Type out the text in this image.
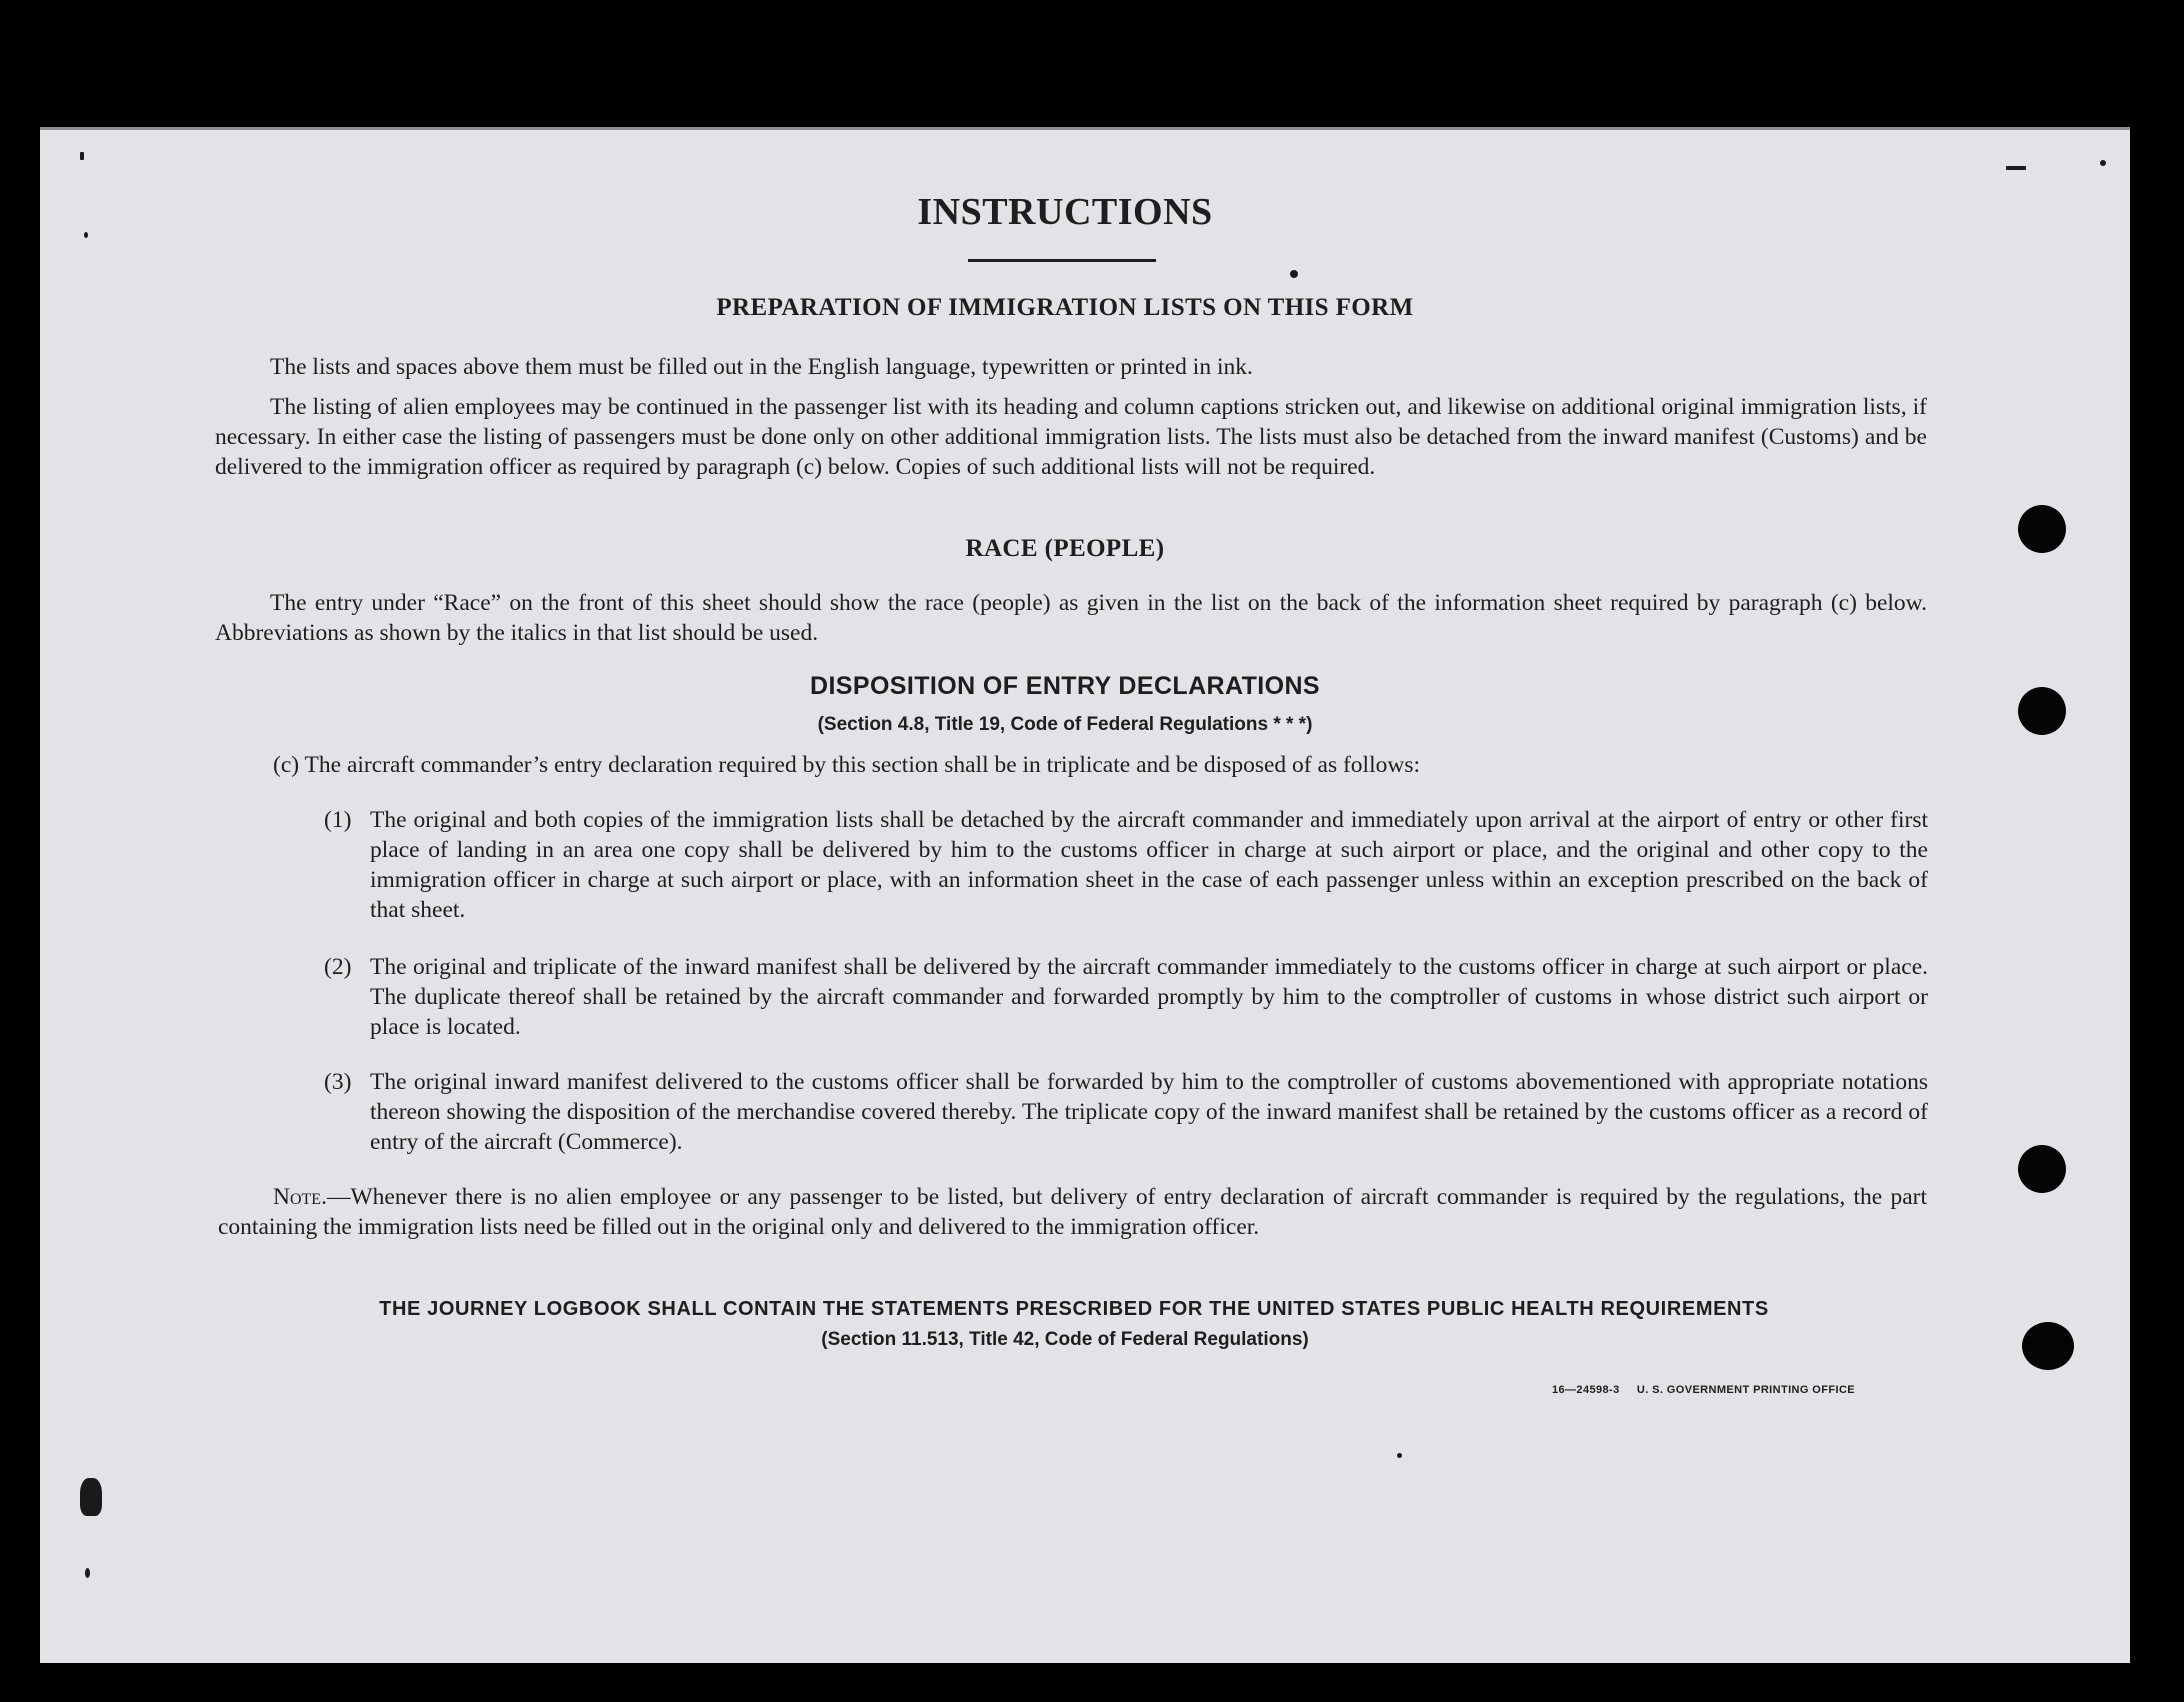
INSTRUCTIONS
PREPARATION OF IMMIGRATION LISTS ON THIS FORM
The lists and spaces above them must be filled out in the English language, typewritten or printed in ink.
The listing of alien employees may be continued in the passenger list with its heading and column captions stricken out, and likewise on additional original immigration lists, if necessary. In either case the listing of passengers must be done only on other additional immigration lists. The lists must also be detached from the inward manifest (Customs) and be delivered to the immigration officer as required by paragraph (c) below. Copies of such additional lists will not be required.
RACE (PEOPLE)
The entry under “Race” on the front of this sheet should show the race (people) as given in the list on the back of the information sheet required by paragraph (c) below. Abbreviations as shown by the italics in that list should be used.
DISPOSITION OF ENTRY DECLARATIONS
(Section 4.8, Title 19, Code of Federal Regulations * * *)
(c) The aircraft commander’s entry declaration required by this section shall be in triplicate and be disposed of as follows:
(1) The original and both copies of the immigration lists shall be detached by the aircraft commander and immediately upon arrival at the airport of entry or other first place of landing in an area one copy shall be delivered by him to the customs officer in charge at such airport or place, and the original and other copy to the immigration officer in charge at such airport or place, with an information sheet in the case of each passenger unless within an exception prescribed on the back of that sheet.
(2) The original and triplicate of the inward manifest shall be delivered by the aircraft commander immediately to the customs officer in charge at such airport or place. The duplicate thereof shall be retained by the aircraft commander and forwarded promptly by him to the comptroller of customs in whose district such airport or place is located.
(3) The original inward manifest delivered to the customs officer shall be forwarded by him to the comptroller of customs abovementioned with appropriate notations thereon showing the disposition of the merchandise covered thereby. The triplicate copy of the inward manifest shall be retained by the customs officer as a record of entry of the aircraft (Commerce).
Note.—Whenever there is no alien employee or any passenger to be listed, but delivery of entry declaration of aircraft commander is required by the regulations, the part containing the immigration lists need be filled out in the original only and delivered to the immigration officer.
THE JOURNEY LOGBOOK SHALL CONTAIN THE STATEMENTS PRESCRIBED FOR THE UNITED STATES PUBLIC HEALTH REQUIREMENTS
(Section 11.513, Title 42, Code of Federal Regulations)
16—24598-3     U. S. GOVERNMENT PRINTING OFFICE
